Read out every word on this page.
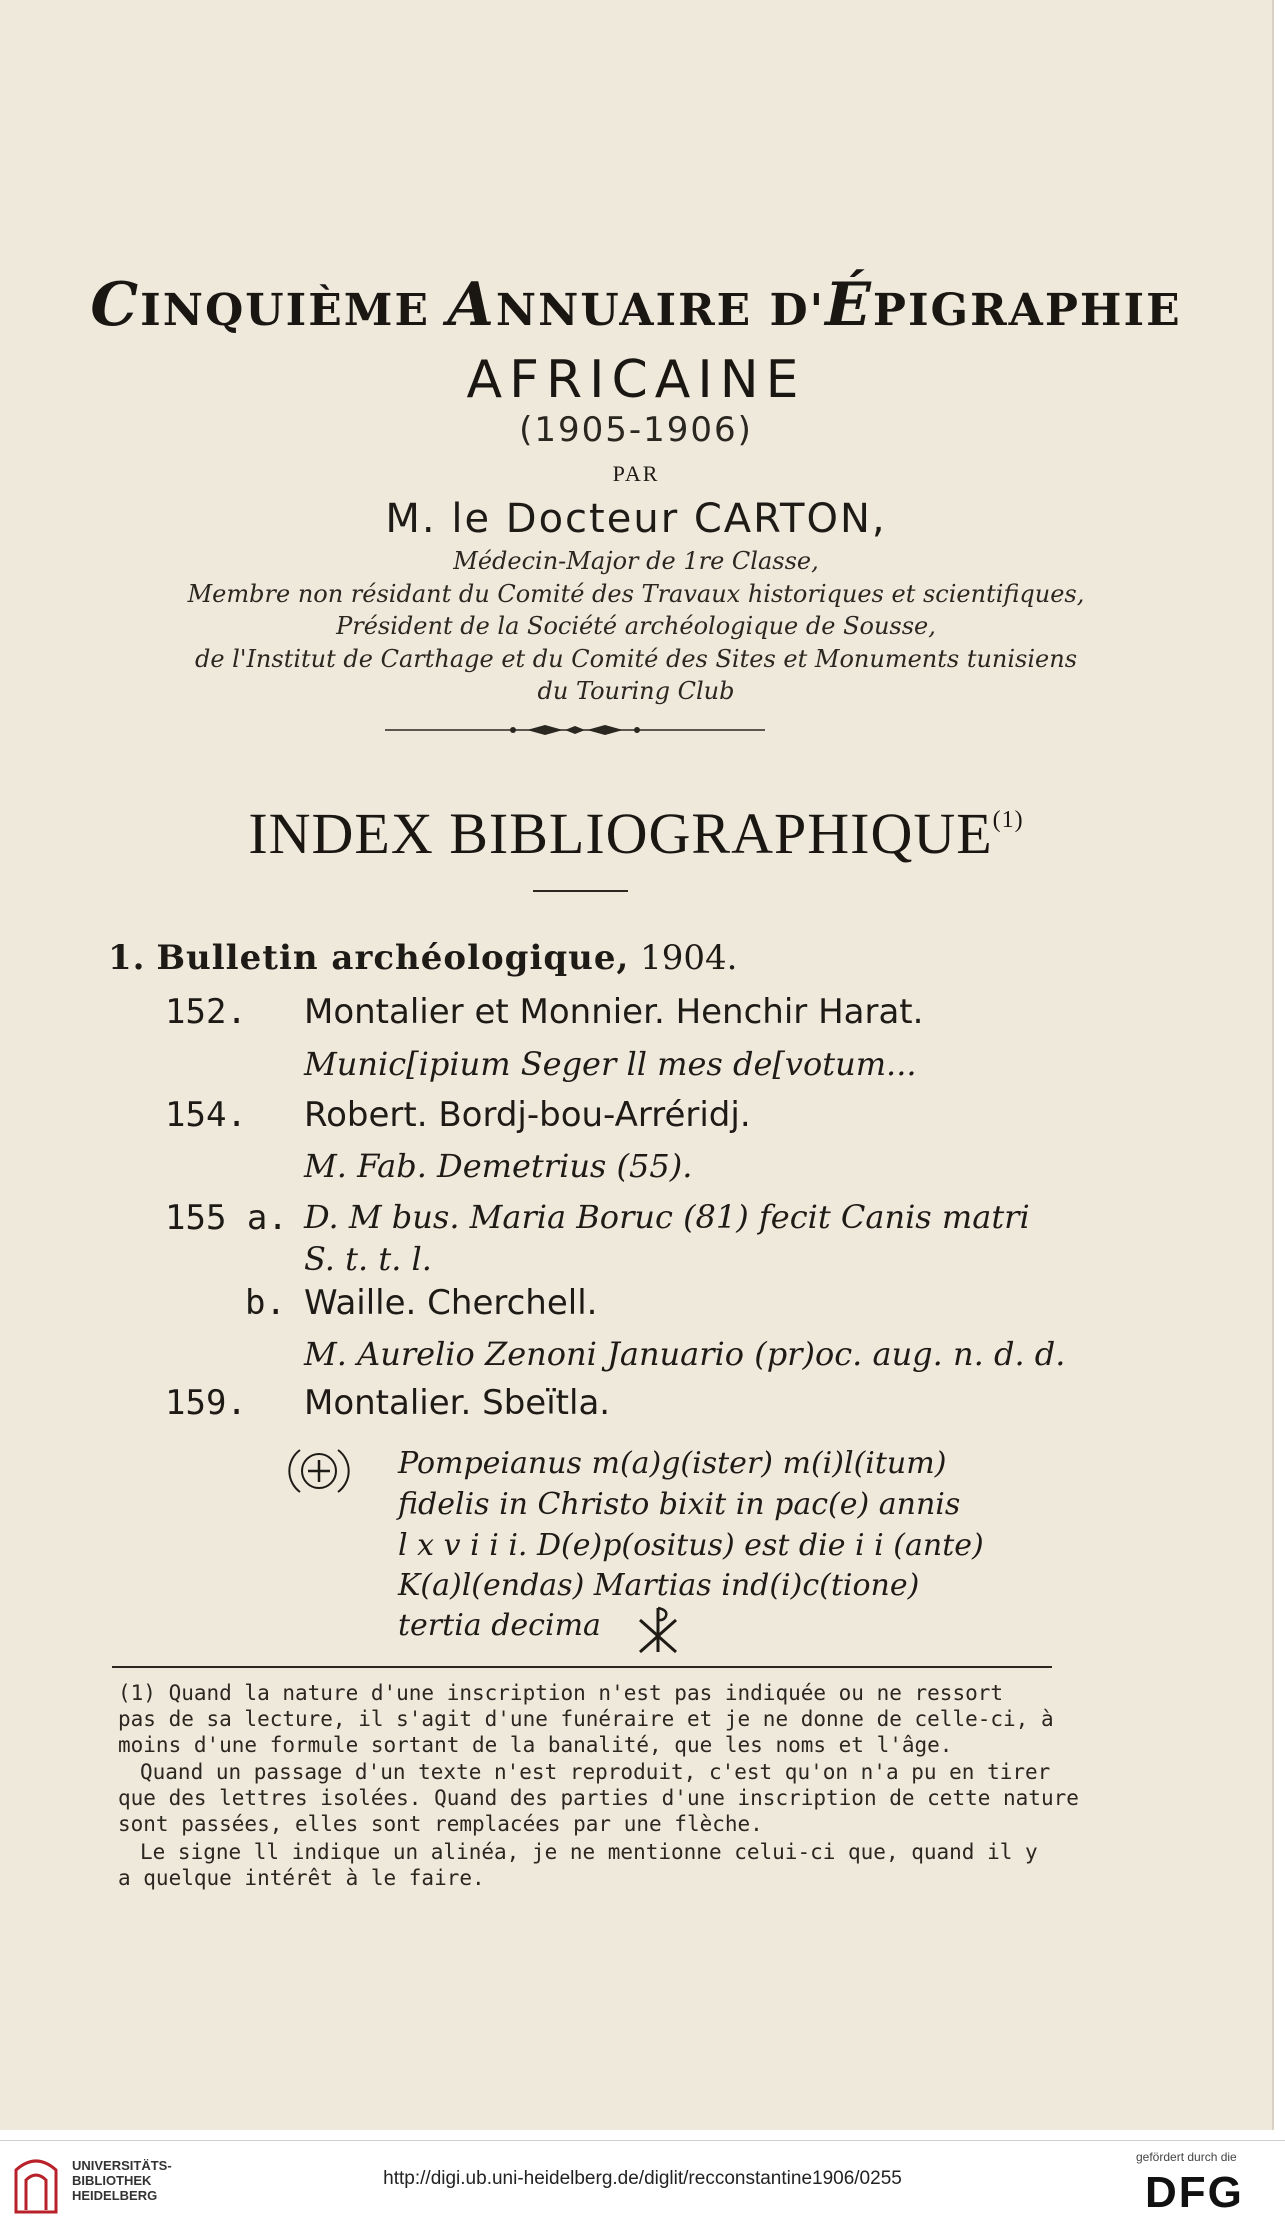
CINQUIÈME ANNUAIRE D'ÉPIGRAPHIE
AFRICAINE
(1905-1906)
PAR
M. le Docteur CARTON,
Médecin-Major de 1re Classe,
Membre non résidant du Comité des Travaux historiques et scientifiques,
Président de la Société archéologique de Sousse,
de l'Institut de Carthage et du Comité des Sites et Monuments tunisiens
du Touring Club
INDEX BIBLIOGRAPHIQUE$^{(1)}$
1. Bulletin archéologique, 1904.
152. Montalier et Monnier. Henchir Harat.
Munic[ipium Seger ll mes de[votum...
154. Robert. Bordj-bou-Arréridj.
M. Fab. Demetrius (55).
155 a. D. M bus. Maria Boruc (81) fecit Canis matri
S. t. t. l.
b. Waille. Cherchell.
M. Aurelio Zenoni Januario (pr)oc. aug. n. d. d.
159. Montalier. Sbeïtla.
Pompeianus m(a)g(ister) m(i)l(itum)
fidelis in Christo bixit in pac(e) annis
l x v i i i. D(e)p(ositus) est die i i (ante)
K(a)l(endas) Martias ind(i)c(tione)
tertia decima
(1) Quand la nature d'une inscription n'est pas indiquée ou ne ressort
pas de sa lecture, il s'agit d'une funéraire et je ne donne de celle-ci, à
moins d'une formule sortant de la banalité, que les noms et l'âge.
Quand un passage d'un texte n'est reproduit, c'est qu'on n'a pu en tirer
que des lettres isolées. Quand des parties d'une inscription de cette nature
sont passées, elles sont remplacées par une flèche.
Le signe ll indique un alinéa, je ne mentionne celui-ci que, quand il y
a quelque intérêt à le faire.
UNIVERSITÄTS-
BIBLIOTHEK
HEIDELBERG
http://digi.ub.uni-heidelberg.de/diglit/recconstantine1906/0255
gefördert durch die
DFG
